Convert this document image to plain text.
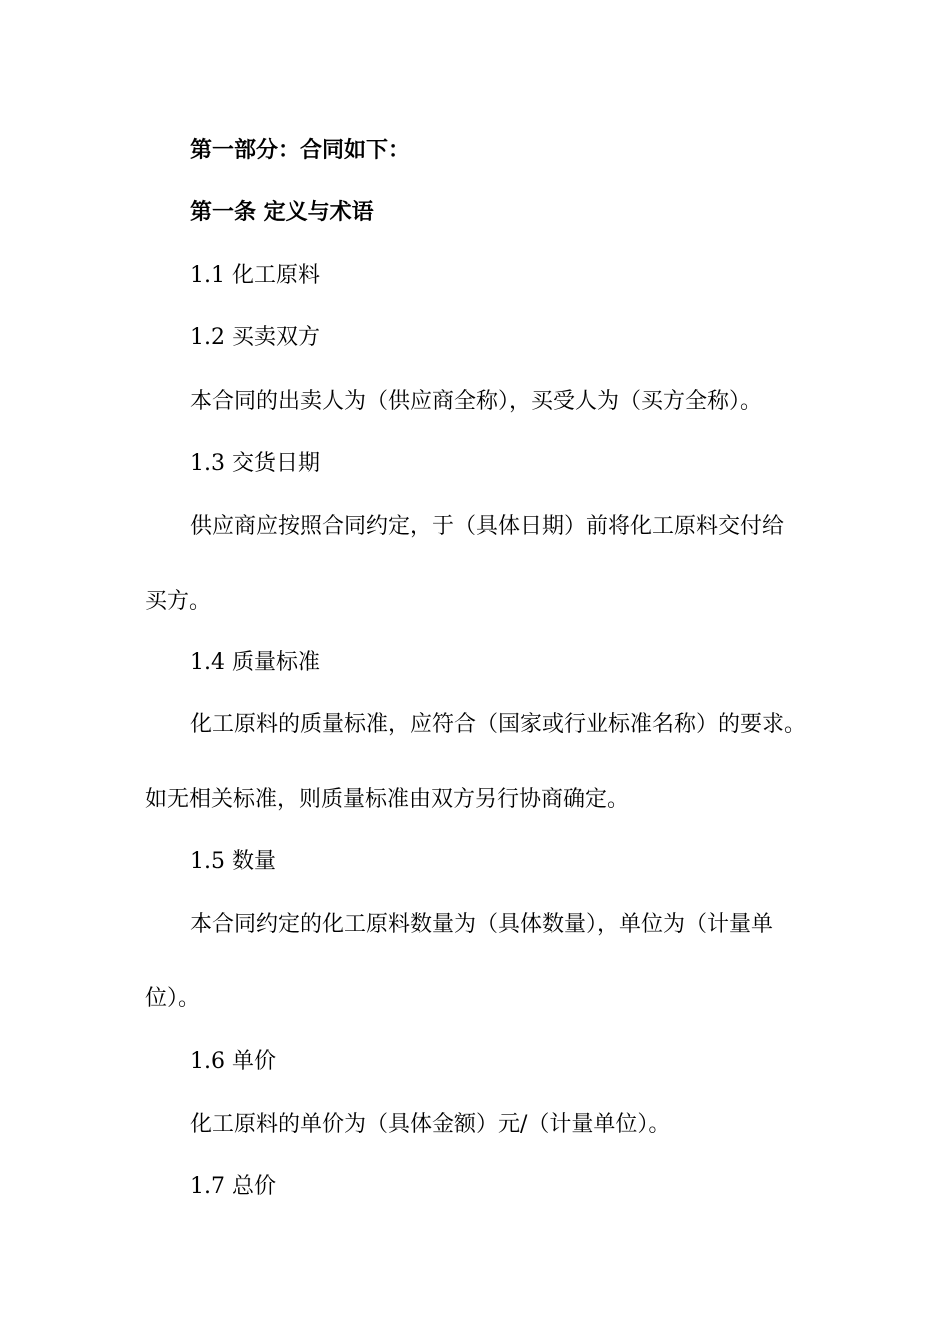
第一部分：合同如下：

第一条 定义与术语

1.1 化工原料

1.2 买卖双方

本合同的出卖人为（供应商全称），买受人为（买方全称）。

1.3 交货日期

供应商应按照合同约定，于（具体日期）前将化工原料交付给

买方。

1.4 质量标准

化工原料的质量标准，应符合（国家或行业标准名称）的要求。

如无相关标准，则质量标准由双方另行协商确定。

1.5 数量

本合同约定的化工原料数量为（具体数量），单位为（计量单

位）。

1.6 单价

化工原料的单价为（具体金额）元/（计量单位）。

1.7 总价
